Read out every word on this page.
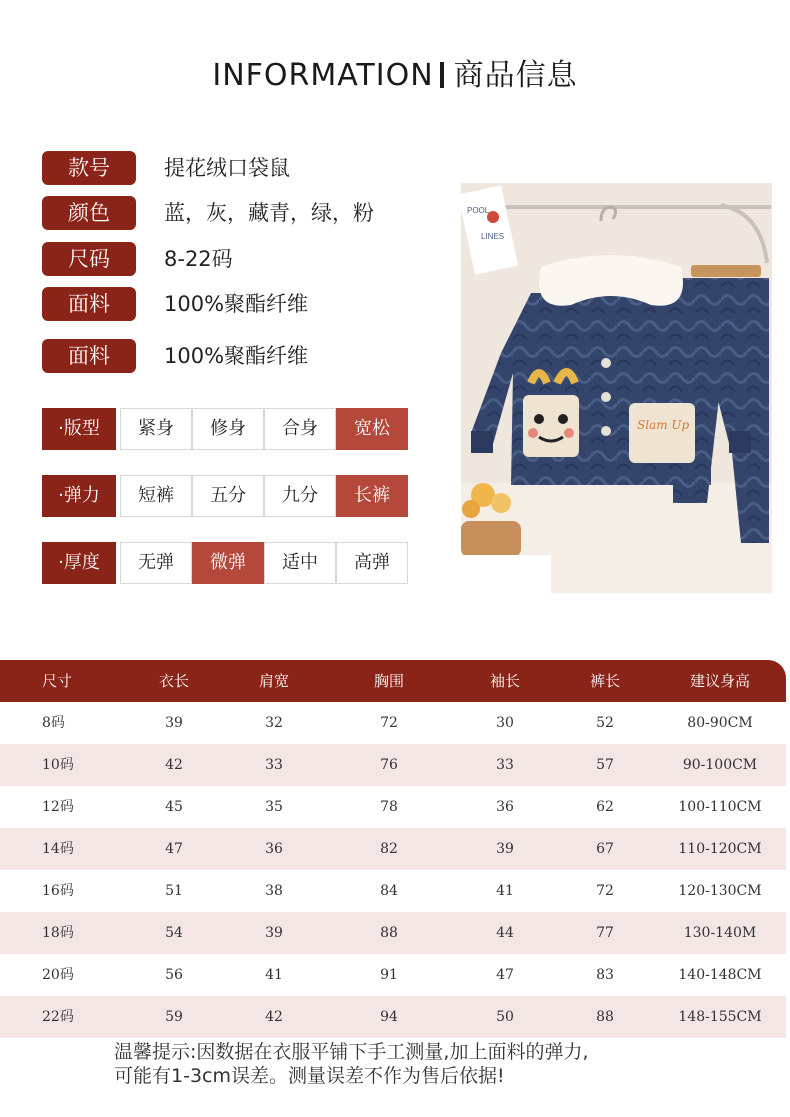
INFORMATION 商品信息
款号	提花绒口袋鼠
颜色	蓝，灰，藏青，绿，粉
尺码	8-22码
面料	100%聚酯纤维
面料	100%聚酯纤维
·版型	紧身	修身	合身	宽松
·弹力	短裤	五分	九分	长裤
·厚度	无弹	微弹	适中	高弹
POOL
LINES
Slam Up
尺寸	衣长	肩宽	胸围	袖长	裤长	建议身高
8码	39	32	72	30	52	80-90CM
10码	42	33	76	33	57	90-100CM
12码	45	35	78	36	62	100-110CM
14码	47	36	82	39	67	110-120CM
16码	51	38	84	41	72	120-130CM
18码	54	39	88	44	77	130-140M
20码	56	41	91	47	83	140-148CM
22码	59	42	94	50	88	148-155CM
温馨提示:因数据在衣服平铺下手工测量,加上面料的弹力,
可能有1-3cm误差。测量误差不作为售后依据!
